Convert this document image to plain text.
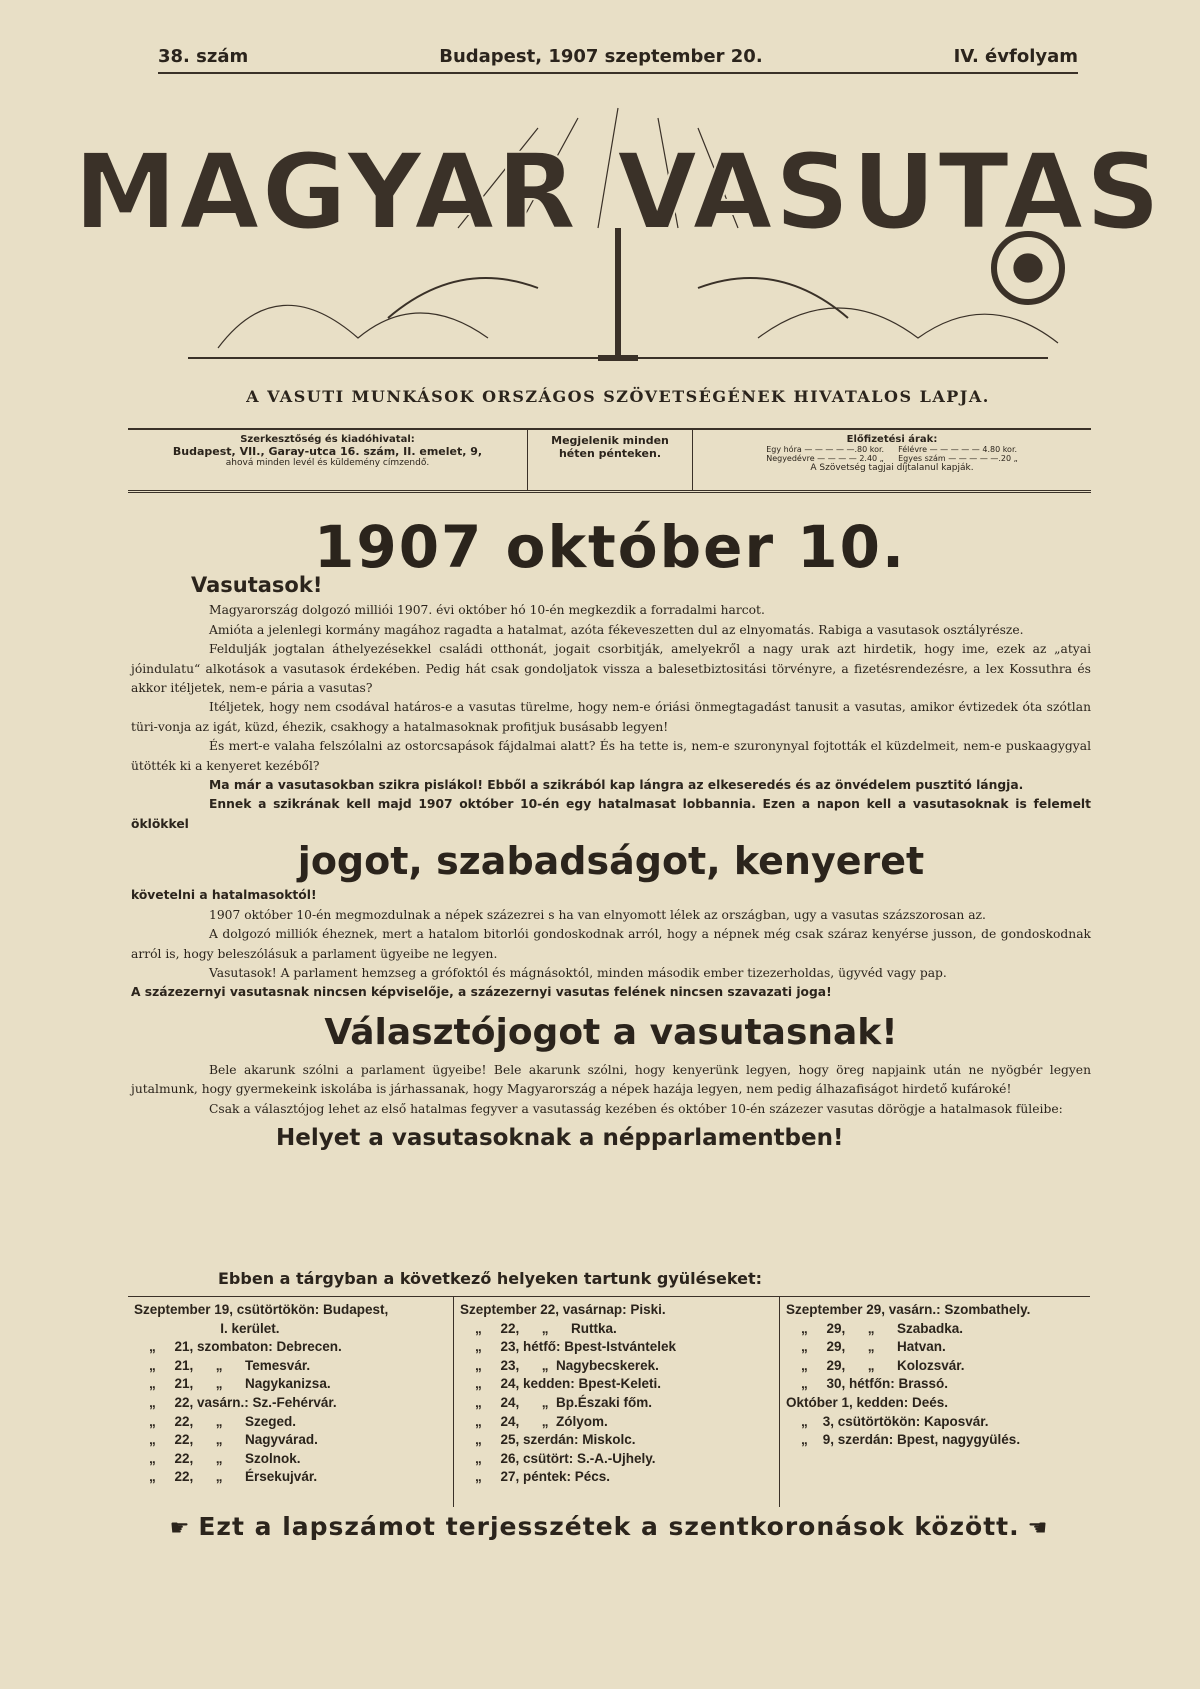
38. szám	Budapest, 1907 szeptember 20.	IV. évfolyam
MAGYAR VASUTAS
A VASUTI MUNKÁSOK ORSZÁGOS SZÖVETSÉGÉNEK HIVATALOS LAPJA.
Szerkesztőség és kiadóhivatal:
Budapest, VII., Garay-utca 16. szám, II. emelet, 9,
ahová minden levél és küldemény címzendő.
Megjelenik minden héten pénteken.
Előfizetési árak:
Egy hóra — — — — —.80 kor.
Negyedévre — — — — 2.40 „
Félévre — — — — — 4.80 kor.
Egyes szám — — — — —.20 „
A Szövetség tagjai díjtalanul kapják.
1907 október 10.
Vasutasok!

Magyarország dolgozó milliói 1907. évi október hó 10-én megkezdik a forradalmi harcot.

Amióta a jelenlegi kormány magához ragadta a hatalmat, azóta fékeveszetten dul az elnyomatás. Rabiga a vasutasok osztályrésze.

Feldulják jogtalan áthelyezésekkel családi otthonát, jogait csorbitják, amelyekről a nagy urak azt hirdetik, hogy ime, ezek az „atyai jóindulatu“ alkotások a vasutasok érdekében. Pedig hát csak gondoljatok vissza a balesetbiztositási törvényre, a fizetésrendezésre, a lex Kossuthra és akkor itéljetek, nem-e pária a vasutas?

Itéljetek, hogy nem csodával határos-e a vasutas türelme, hogy nem-e óriási önmegtagadást tanusit a vasutas, amikor évtizedek óta szótlan türi-vonja az igát, küzd, éhezik, csakhogy a hatalmasoknak profitjuk busásabb legyen!

És mert-e valaha felszólalni az ostorcsapások fájdalmai alatt? És ha tette is, nem-e szuronynyal fojtották el küzdelmeit, nem-e puskaagygyal ütötték ki a kenyeret kezéből?

Ma már a vasutasokban szikra pislákol! Ebből a szikrából kap lángra az elkeseredés és az önvédelem pusztitó lángja.

Ennek a szikrának kell majd 1907 október 10-én egy hatalmasat lobbannia. Ezen a napon kell a vasutasoknak is felemelt öklökkel

jogot, szabadságot, kenyeret

követelni a hatalmasoktól!

1907 október 10-én megmozdulnak a népek százezrei s ha van elnyomott lélek az országban, ugy a vasutas százszorosan az.

A dolgozó milliók éheznek, mert a hatalom bitorlói gondoskodnak arról, hogy a népnek még csak száraz kenyérse jusson, de gondoskodnak arról is, hogy beleszólásuk a parlament ügyeibe ne legyen.

Vasutasok! A parlament hemzseg a grófoktól és mágnásoktól, minden második ember tizezerholdas, ügyvéd vagy pap.

A százezernyi vasutasnak nincsen képviselője, a százezernyi vasutas felének nincsen szavazati joga!

Választójogot a vasutasnak!

Bele akarunk szólni a parlament ügyeibe! Bele akarunk szólni, hogy kenyerünk legyen, hogy öreg napjaink után ne nyögbér legyen jutalmunk, hogy gyermekeink iskolába is járhassanak, hogy Magyarország a népek hazája legyen, nem pedig álhazafiságot hirdető kufároké!

Csak a választójog lehet az első hatalmas fegyver a vasutasság kezében és október 10-én százezer vasutas dörögje a hatalmasok füleibe:

Helyet a vasutasoknak a népparlamentben!
Ebben a tárgyban a következő helyeken tartunk gyüléseket:
Szeptember 19, csütörtökön: Budapest,
I. kerület.
„     21, szombaton: Debrecen.
„     21,      „      Temesvár.
„     21,      „      Nagykanizsa.
„     22, vasárn.: Sz.-Fehérvár.
„     22,      „      Szeged.
„     22,      „      Nagyvárad.
„     22,      „      Szolnok.
„     22,      „      Érsekujvár.
Szeptember 22, vasárnap: Piski.
„     22,      „      Ruttka.
„     23, hétfő: Bpest-Istvántelek
„     23,      „  Nagybecskerek.
„     24, kedden: Bpest-Keleti.
„     24,      „  Bp.Északi főm.
„     24,      „  Zólyom.
„     25, szerdán: Miskolc.
„     26, csütört: S.-A.-Ujhely.
„     27, péntek: Pécs.
Szeptember 29, vasárn.: Szombathely.
„     29,      „      Szabadka.
„     29,      „      Hatvan.
„     29,      „      Kolozsvár.
„     30, hétfőn: Brassó.
Október 1, kedden: Deés.
„    3, csütörtökön: Kaposvár.
„    9, szerdán: Bpest, nagygyülés.
☛ Ezt a lapszámot terjesszétek a szentkoronások között. ☚
